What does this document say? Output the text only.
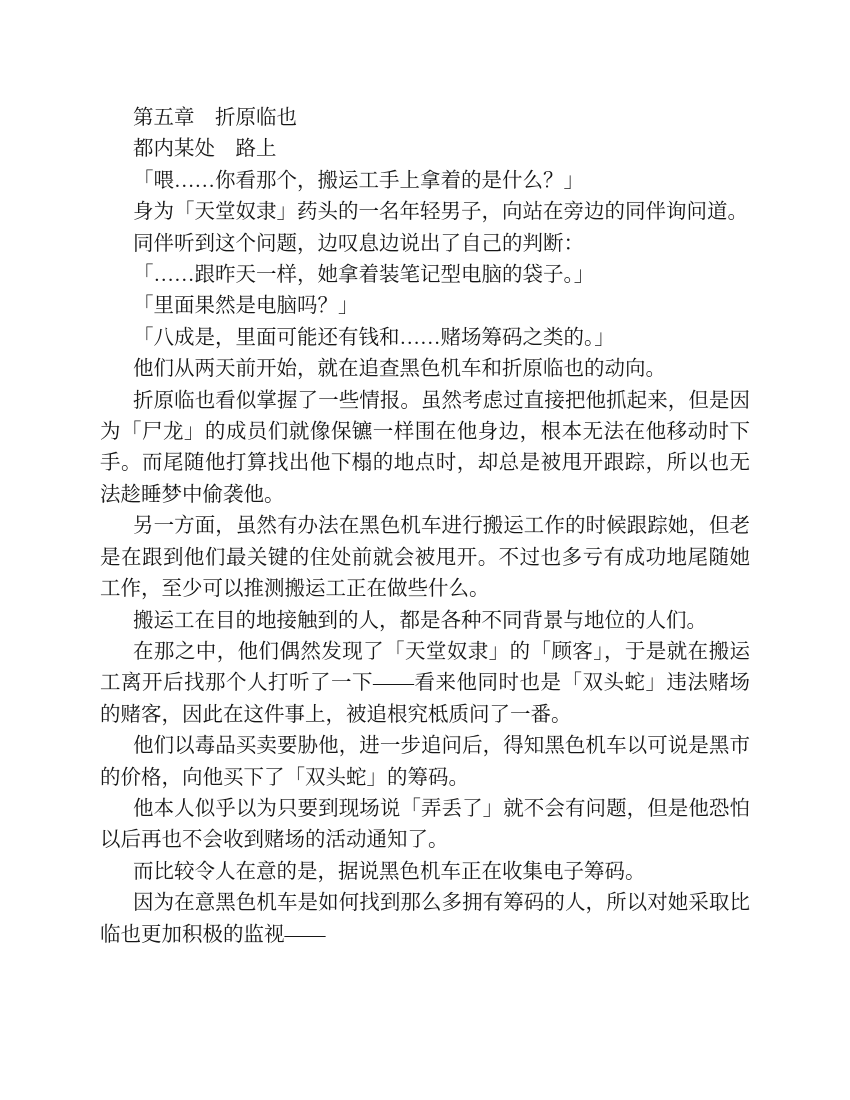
第五章　折原临也

都内某处　路上

「喂……你看那个，搬运工手上拿着的是什么？」

身为「天堂奴隶」药头的一名年轻男子，向站在旁边的同伴询问道。

同伴听到这个问题，边叹息边说出了自己的判断：

「……跟昨天一样，她拿着装笔记型电脑的袋子。」

「里面果然是电脑吗？」

「八成是，里面可能还有钱和……赌场筹码之类的。」

他们从两天前开始，就在追查黑色机车和折原临也的动向。

折原临也看似掌握了一些情报。虽然考虑过直接把他抓起来，但是因为「尸龙」的成员们就像保镳一样围在他身边，根本无法在他移动时下手。而尾随他打算找出他下榻的地点时，却总是被甩开跟踪，所以也无法趁睡梦中偷袭他。

另一方面，虽然有办法在黑色机车进行搬运工作的时候跟踪她，但老是在跟到他们最关键的住处前就会被甩开。不过也多亏有成功地尾随她工作，至少可以推测搬运工正在做些什么。

搬运工在目的地接触到的人，都是各种不同背景与地位的人们。

在那之中，他们偶然发现了「天堂奴隶」的「顾客」，于是就在搬运工离开后找那个人打听了一下——看来他同时也是「双头蛇」违法赌场的赌客，因此在这件事上，被追根究柢质问了一番。

他们以毒品买卖要胁他，进一步追问后，得知黑色机车以可说是黑市的价格，向他买下了「双头蛇」的筹码。

他本人似乎以为只要到现场说「弄丢了」就不会有问题，但是他恐怕以后再也不会收到赌场的活动通知了。

而比较令人在意的是，据说黑色机车正在收集电子筹码。

因为在意黑色机车是如何找到那么多拥有筹码的人，所以对她采取比临也更加积极的监视——
